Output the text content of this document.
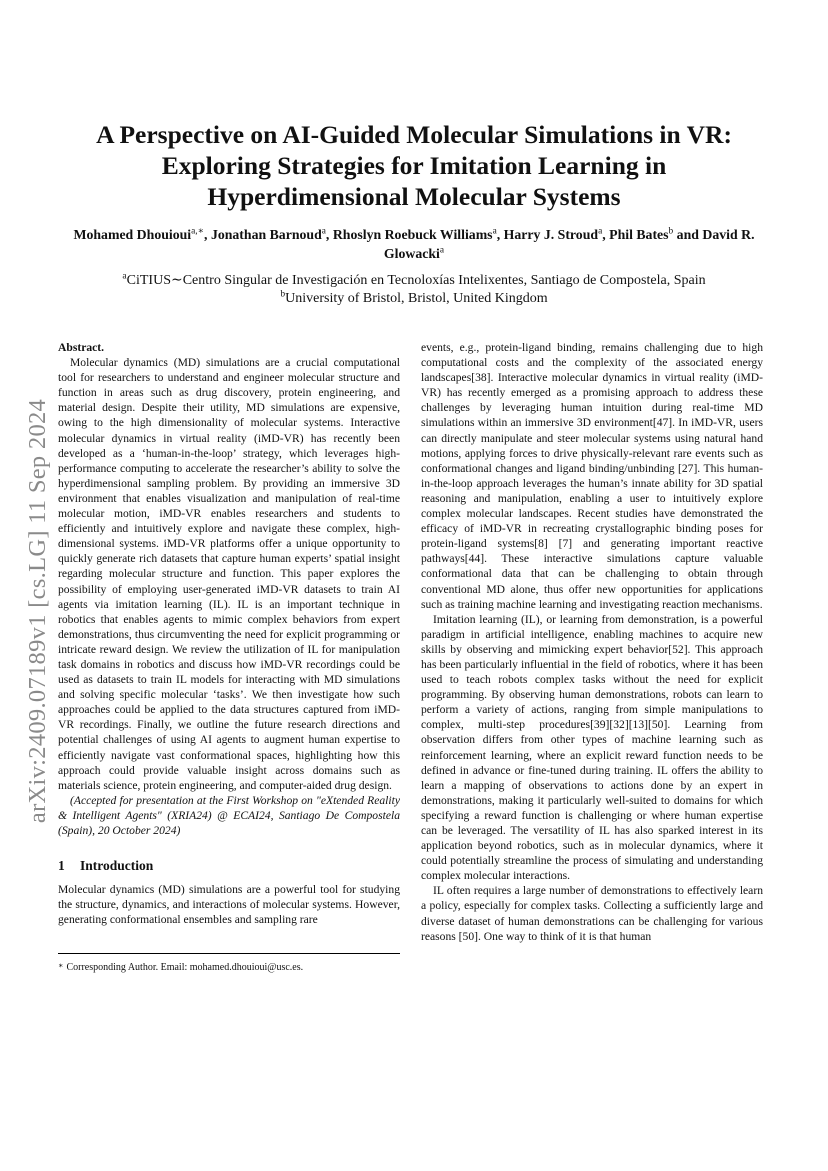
arXiv:2409.07189v1 [cs.LG] 11 Sep 2024
A Perspective on AI-Guided Molecular Simulations in VR: Exploring Strategies for Imitation Learning in Hyperdimensional Molecular Systems
Mohamed Dhouioui$^{a,∗}$, Jonathan Barnoud$^a$, Rhoslyn Roebuck Williams$^a$, Harry J. Stroud$^a$, Phil Bates$^b$ and David R. Glowacki$^a$
$^a$CiTIUS∼Centro Singular de Investigación en Tecnoloxías Intelixentes, Santiago de Compostela, Spain
$^b$University of Bristol, Bristol, United Kingdom

Abstract.

Molecular dynamics (MD) simulations are a crucial computational tool for researchers to understand and engineer molecular structure and function in areas such as drug discovery, protein engineering, and material design. Despite their utility, MD simulations are expensive, owing to the high dimensionality of molecular systems. Interactive molecular dynamics in virtual reality (iMD-VR) has recently been developed as a ‘human-in-the-loop’ strategy, which leverages high-performance computing to accelerate the researcher’s ability to solve the hyperdimensional sampling problem. By providing an immersive 3D environment that enables visualization and manipulation of real-time molecular motion, iMD-VR enables researchers and students to efficiently and intuitively explore and navigate these complex, high-dimensional systems. iMD-VR platforms offer a unique opportunity to quickly generate rich datasets that capture human experts’ spatial insight regarding molecular structure and function. This paper explores the possibility of employing user-generated iMD-VR datasets to train AI agents via imitation learning (IL). IL is an important technique in robotics that enables agents to mimic complex behaviors from expert demonstrations, thus circumventing the need for explicit programming or intricate reward design. We review the utilization of IL for manipulation task domains in robotics and discuss how iMD-VR recordings could be used as datasets to train IL models for interacting with MD simulations and solving specific molecular ‘tasks’. We then investigate how such approaches could be applied to the data structures captured from iMD-VR recordings. Finally, we outline the future research directions and potential challenges of using AI agents to augment human expertise to efficiently navigate vast conformational spaces, highlighting how this approach could provide valuable insight across domains such as materials science, protein engineering, and computer-aided drug design.

(Accepted for presentation at the First Workshop on "eXtended Reality & Intelligent Agents" (XRIA24) @ ECAI24, Santiago De Compostela (Spain), 20 October 2024)

1 Introduction

Molecular dynamics (MD) simulations are a powerful tool for studying the structure, dynamics, and interactions of molecular systems. However, generating conformational ensembles and sampling rare

events, e.g., protein-ligand binding, remains challenging due to high computational costs and the complexity of the associated energy landscapes[38]. Interactive molecular dynamics in virtual reality (iMD-VR) has recently emerged as a promising approach to address these challenges by leveraging human intuition during real-time MD simulations within an immersive 3D environment[47]. In iMD-VR, users can directly manipulate and steer molecular systems using natural hand motions, applying forces to drive physically-relevant rare events such as conformational changes and ligand binding/unbinding [27]. This human-in-the-loop approach leverages the human’s innate ability for 3D spatial reasoning and manipulation, enabling a user to intuitively explore complex molecular landscapes. Recent studies have demonstrated the efficacy of iMD-VR in recreating crystallographic binding poses for protein-ligand systems[8] [7] and generating important reactive pathways[44]. These interactive simulations capture valuable conformational data that can be challenging to obtain through conventional MD alone, thus offer new opportunities for applications such as training machine learning and investigating reaction mechanisms.

Imitation learning (IL), or learning from demonstration, is a powerful paradigm in artificial intelligence, enabling machines to acquire new skills by observing and mimicking expert behavior[52]. This approach has been particularly influential in the field of robotics, where it has been used to teach robots complex tasks without the need for explicit programming. By observing human demonstrations, robots can learn to perform a variety of actions, ranging from simple manipulations to complex, multi-step procedures[39][32][13][50]. Learning from observation differs from other types of machine learning such as reinforcement learning, where an explicit reward function needs to be defined in advance or fine-tuned during training. IL offers the ability to learn a mapping of observations to actions done by an expert in demonstrations, making it particularly well-suited to domains for which specifying a reward function is challenging or where human expertise can be leveraged. The versatility of IL has also sparked interest in its application beyond robotics, such as in molecular dynamics, where it could potentially streamline the process of simulating and understanding complex molecular interactions.

IL often requires a large number of demonstrations to effectively learn a policy, especially for complex tasks. Collecting a sufficiently large and diverse dataset of human demonstrations can be challenging for various reasons [50]. One way to think of it is that human

∗ Corresponding Author. Email: mohamed.dhouioui@usc.es.
